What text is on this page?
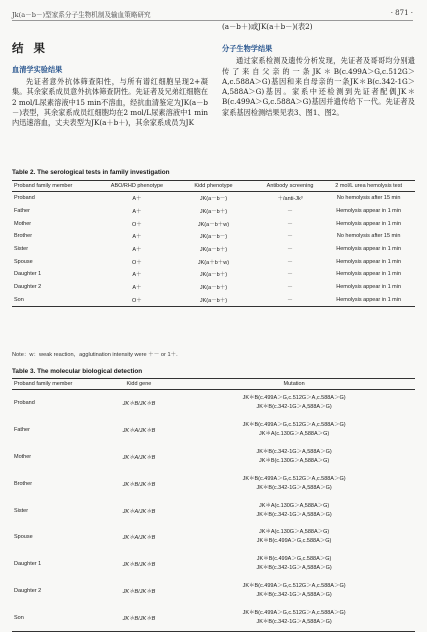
Jk(a－b－)型家系分子生物机制及输血策略研究	· 871 ·
结 果
血清学实验结果
先证者意外抗体筛查阳性，与所有谱红细胞呈现2+凝集。其余家系成员意外抗体筛查阴性。先证者及兄弟红细胞在2 mol/L尿素溶液中15 min不溶血，经抗血清鉴定为JK(a－b－)表型，其余家系成员红细胞均在2 mol/L尿素溶液中1 min内迅速溶血，丈夫表型为JK(a＋b＋)，其余家系成员为JK
(a－b＋)或JK(a＋b－)(表2)
分子生物学结果
通过家系检测及遗传分析发现，先证者及哥哥均分别遗传了来自父亲的一条JK＊B(c.499A＞G,c.512G＞A,c.588A＞G)基因和来自母亲的一条JK＊B(c.342-1G＞A,588A＞G)基因。家系中还检测到先证者配偶JK＊B(c.499A＞G,c.588A＞G)基因并遗传给下一代。先证者及家系基因检测结果见表3、图1、图2。
Table 2. The serological tests in family investigation
Proband family member	ABO/RHD phenotype	Kidd phenotype	Antibody screening	2 mol/L urea hemolysis test
Proband	A＋	JK(a－b－)	＋/anti-Jk³	No hemolysis after 15 min
Father	A＋	JK(a－b＋)	－	Hemolysis appear in 1 min
Mother	O＋	JK(a－b＋w)	－	Hemolysis appear in 1 min
Brother	A＋	JK(a－b－)	－	No hemolysis after 15 min
Sister	A＋	JK(a－b＋)	－	Hemolysis appear in 1 min
Spouse	O＋	JK(a＋b＋w)	－	Hemolysis appear in 1 min
Daughter 1	A＋	JK(a－b＋)	－	Hemolysis appear in 1 min
Daughter 2	A＋	JK(a－b＋)	－	Hemolysis appear in 1 min
Son	O＋	JK(a－b＋)	－	Hemolysis appear in 1 min
Note：w：weak reaction，agglutination intensity were ＋－ or 1＋.
Table 3. The molecular biological detection
Proband family member	Kidd gene	Mutation
Proband	JK＊B/JK＊B	JK＊B(c.499A＞G,c.512G＞A,c.588A＞G)
JK＊B(c.342-1G＞A,588A＞G)

Father	JK＊A/JK＊B	JK＊B(c.499A＞G,c.512G＞A,c.588A＞G)
JK＊A(c.130G＞A,588A＞G)

Mother	JK＊A/JK＊B	JK＊B(c.342-1G＞A,588A＞G)
JK＊B(c.130G＞A,588A＞G)

Brother	JK＊B/JK＊B	JK＊B(c.499A＞G,c.512G＞A,c.588A＞G)
JK＊B(c.342-1G＞A,588A＞G)

Sister	JK＊A/JK＊B	JK＊A(c.130G＞A,588A＞G)
JK＊B(c.342-1G＞A,588A＞G)

Spouse	JK＊A/JK＊B	JK＊A(c.130G＞A,588A＞G)
JK＊B(c.499A＞G,c.588A＞G)

Daughter 1	JK＊B/JK＊B	JK＊B(c.499A＞G,c.588A＞G)
JK＊B(c.342-1G＞A,588A＞G)

Daughter 2	JK＊B/JK＊B	JK＊B(c.499A＞G,c.512G＞A,c.588A＞G)
JK＊B(c.342-1G＞A,588A＞G)

Son	JK＊B/JK＊B	JK＊B(c.499A＞G,c.512G＞A,c.588A＞G)
JK＊B(c.342-1G＞A,588A＞G)
